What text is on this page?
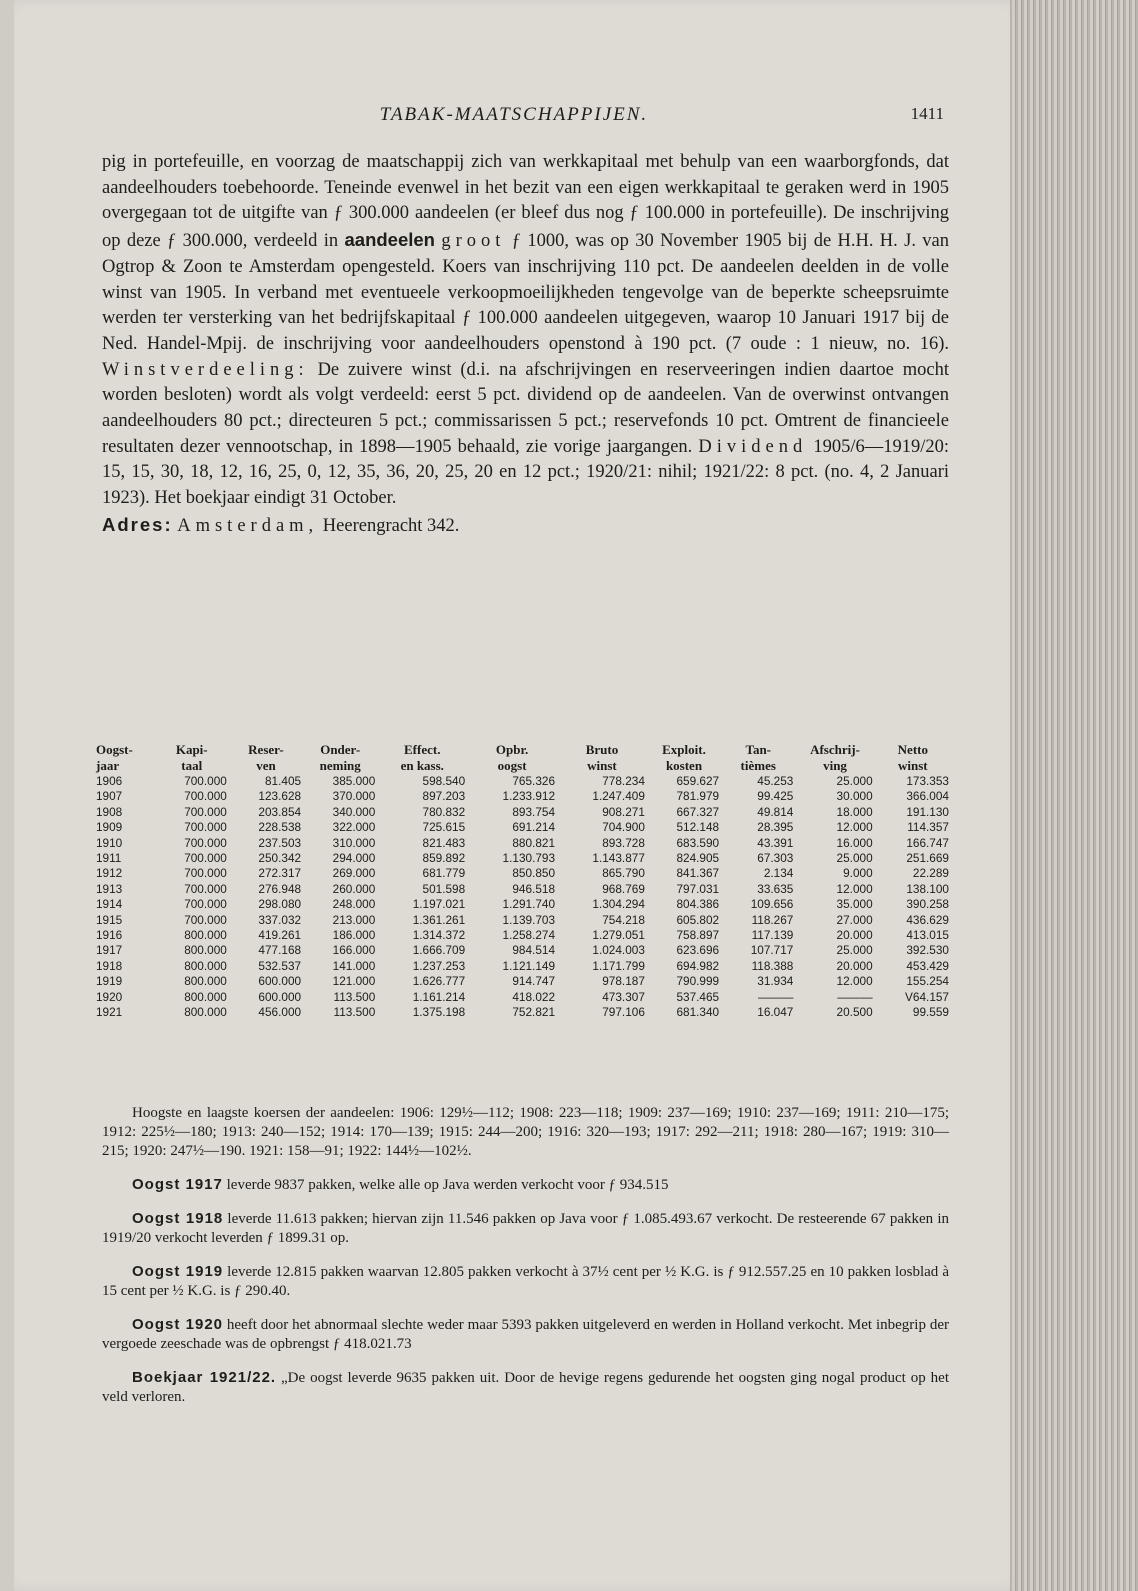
TABAK-MAATSCHAPPIJEN.	1411

pig in portefeuille, en voorzag de maatschappij zich van werkkapitaal met behulp van een waarborgfonds, dat aandeelhouders toebehoorde. Teneinde evenwel in het bezit van een eigen werkkapitaal te geraken werd in 1905 overgegaan tot de uitgifte van ƒ 300.000 aandeelen (er bleef dus nog ƒ 100.000 in portefeuille). De inschrijving op deze ƒ 300.000, verdeeld in aandeelen groot ƒ 1000, was op 30 November 1905 bij de H.H. H. J. van Ogtrop & Zoon te Amsterdam opengesteld. Koers van inschrijving 110 pct. De aandeelen deelden in de volle winst van 1905. In verband met eventueele verkoopmoeilijkheden tengevolge van de beperkte scheepsruimte werden ter versterking van het bedrijfskapitaal ƒ 100.000 aandeelen uitgegeven, waarop 10 Januari 1917 bij de Ned. Handel-Mpij. de inschrijving voor aandeelhouders openstond à 190 pct. (7 oude : 1 nieuw, no. 16). Winstverdeeling: De zuivere winst (d.i. na afschrijvingen en reserveeringen indien daartoe mocht worden besloten) wordt als volgt verdeeld: eerst 5 pct. dividend op de aandeelen. Van de overwinst ontvangen aandeelhouders 80 pct.; directeuren 5 pct.; commissarissen 5 pct.; reservefonds 10 pct. Omtrent de financieele resultaten dezer vennootschap, in 1898—1905 behaald, zie vorige jaargangen. Dividend 1905/6—1919/20: 15, 15, 30, 18, 12, 16, 25, 0, 12, 35, 36, 20, 25, 20 en 12 pct.; 1920/21: nihil; 1921/22: 8 pct. (no. 4, 2 Januari 1923). Het boekjaar eindigt 31 October.

Adres: Amsterdam, Heerengracht 342.

Oogst-	Kapi-	Reser-	Onder-	Effect.	Opbr.	Bruto	Exploit.	Tan-	Afschrij-	Netto
jaar	taal	ven	neming	en kass.	oogst	winst	kosten	tièmes	ving	winst
1906	700.000	81.405	385.000	598.540	765.326	778.234	659.627	45.253	25.000	173.353
1907	700.000	123.628	370.000	897.203	1.233.912	1.247.409	781.979	99.425	30.000	366.004
1908	700.000	203.854	340.000	780.832	893.754	908.271	667.327	49.814	18.000	191.130
1909	700.000	228.538	322.000	725.615	691.214	704.900	512.148	28.395	12.000	114.357
1910	700.000	237.503	310.000	821.483	880.821	893.728	683.590	43.391	16.000	166.747
1911	700.000	250.342	294.000	859.892	1.130.793	1.143.877	824.905	67.303	25.000	251.669
1912	700.000	272.317	269.000	681.779	850.850	865.790	841.367	2.134	9.000	22.289
1913	700.000	276.948	260.000	501.598	946.518	968.769	797.031	33.635	12.000	138.100
1914	700.000	298.080	248.000	1.197.021	1.291.740	1.304.294	804.386	109.656	35.000	390.258
1915	700.000	337.032	213.000	1.361.261	1.139.703	754.218	605.802	118.267	27.000	436.629
1916	800.000	419.261	186.000	1.314.372	1.258.274	1.279.051	758.897	117.139	20.000	413.015
1917	800.000	477.168	166.000	1.666.709	984.514	1.024.003	623.696	107.717	25.000	392.530
1918	800.000	532.537	141.000	1.237.253	1.121.149	1.171.799	694.982	118.388	20.000	453.429
1919	800.000	600.000	121.000	1.626.777	914.747	978.187	790.999	31.934	12.000	155.254
1920	800.000	600.000	113.500	1.161.214	418.022	473.307	537.465	———	———	V64.157
1921	800.000	456.000	113.500	1.375.198	752.821	797.106	681.340	16.047	20.500	99.559

Hoogste en laagste koersen der aandeelen: 1906: 129½—112; 1908: 223—118; 1909: 237—169; 1910: 237—169; 1911: 210—175; 1912: 225½—180; 1913: 240—152; 1914: 170—139; 1915: 244—200; 1916: 320—193; 1917: 292—211; 1918: 280—167; 1919: 310—215; 1920: 247½—190. 1921: 158—91; 1922: 144½—102½.

Oogst 1917 leverde 9837 pakken, welke alle op Java werden verkocht voor ƒ 934.515

Oogst 1918 leverde 11.613 pakken; hiervan zijn 11.546 pakken op Java voor ƒ 1.085.493.67 verkocht. De resteerende 67 pakken in 1919/20 verkocht leverden ƒ 1899.31 op.

Oogst 1919 leverde 12.815 pakken waarvan 12.805 pakken verkocht à 37½ cent per ½ K.G. is ƒ 912.557.25 en 10 pakken losblad à 15 cent per ½ K.G. is ƒ 290.40.

Oogst 1920 heeft door het abnormaal slechte weder maar 5393 pakken uitgeleverd en werden in Holland verkocht. Met inbegrip der vergoede zeeschade was de opbrengst ƒ 418.021.73

Boekjaar 1921/22. „De oogst leverde 9635 pakken uit. Door de hevige regens gedurende het oogsten ging nogal product op het veld verloren.
